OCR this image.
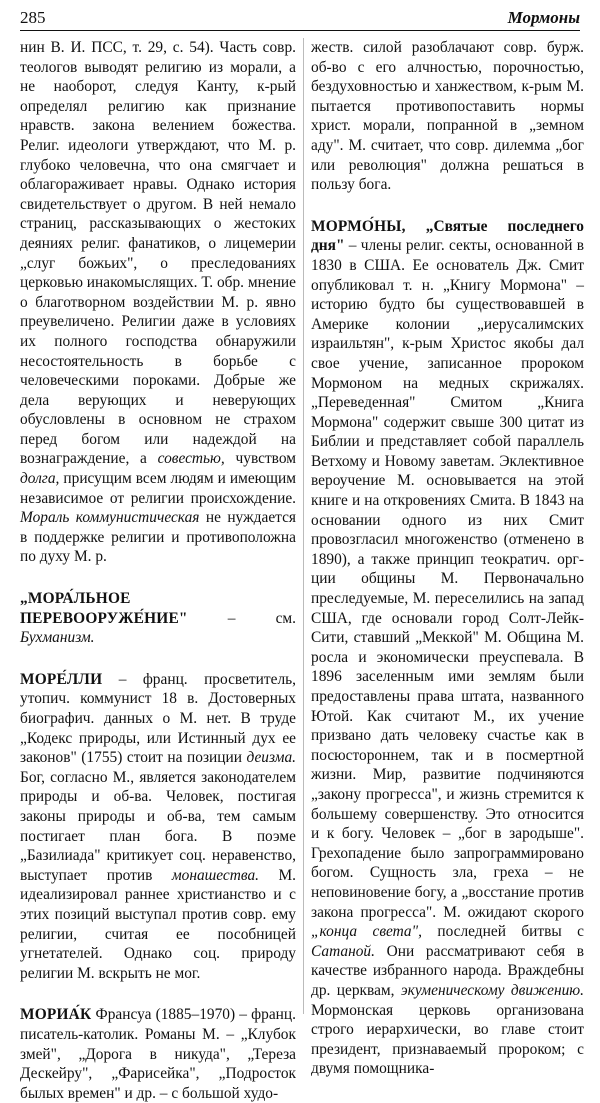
285	Мормоны

нин В. И. ПСС, т. 29, с. 54). Часть совр. теологов выводят религию из морали, а не наоборот, следуя Канту, к-рый определял религию как признание нравств. закона велением божества. Религ. идеологи утверждают, что М. р. глубоко человечна, что она смягчает и облагораживает нравы. Однако история свидетельствует о другом. В ней немало страниц, рассказывающих о жестоких деяниях религ. фанатиков, о лицемерии „слуг божьих", о преследованиях церковью инакомыслящих. Т. обр. мнение о благотворном воздействии М. р. явно преувеличено. Религии даже в условиях их полного господства обнаружили несостоятельность в борьбе с человеческими пороками. Добрые же дела верующих и неверующих обусловлены в основном не страхом перед богом или надеждой на вознаграждение, а совестью, чувством долга, присущим всем людям и имеющим независимое от религии происхождение. Мораль коммунистическая не нуждается в поддержке религии и противоположна по духу М. р.

„МОРА́ЛЬНОЕ ПЕРЕВООРУЖЕ́НИЕ" – см. Бухманизм.

МОРЕ́ЛЛИ – франц. просветитель, утопич. коммунист 18 в. Достоверных биографич. данных о М. нет. В труде „Кодекс природы, или Истинный дух ее законов" (1755) стоит на позиции деизма. Бог, согласно М., является законодателем природы и об-ва. Человек, постигая законы природы и об-ва, тем самым постигает план бога. В поэме „Базилиада" критикует соц. неравенство, выступает против монашества. М. идеализировал раннее христианство и с этих позиций выступал против совр. ему религии, считая ее пособницей угнетателей. Однако соц. природу религии М. вскрыть не мог.

МОРИА́К Франсуа (1885–1970) – франц. писатель-католик. Романы М. – „Клубок змей", „Дорога в никуда", „Тереза Дескейру", „Фарисейка", „Подросток былых времен" и др. – с большой худо-

жеств. силой разоблачают совр. бурж. об-во с его алчностью, порочностью, бездуховностью и ханжеством, к-рым М. пытается противопоставить нормы христ. морали, попранной в „земном аду". М. считает, что совр. дилемма „бог или революция" должна решаться в пользу бога.

МОРМО́НЫ, „Святые последнего дня" – члены религ. секты, основанной в 1830 в США. Ее основатель Дж. Смит опубликовал т. н. „Книгу Мормона" – историю будто бы существовавшей в Америке колонии „иерусалимских израильтян", к-рым Христос якобы дал свое учение, записанное пророком Мормоном на медных скрижалях. „Переведенная" Смитом „Книга Мормона" содержит свыше 300 цитат из Библии и представляет собой параллель Ветхому и Новому заветам. Эклективное вероучение М. основывается на этой книге и на откровениях Смита. В 1843 на основании одного из них Смит провозгласил многоженство (отменено в 1890), а также принцип теократич. орг-ции общины М. Первоначально преследуемые, М. переселились на запад США, где основали город Солт-Лейк-Сити, ставший „Меккой" М. Община М. росла и экономически преуспевала. В 1896 заселенным ими землям были предоставлены права штата, названного Ютой. Как считают М., их учение призвано дать человеку счастье как в посюстороннем, так и в посмертной жизни. Мир, развитие подчиняются „закону прогресса", и жизнь стремится к большему совершенству. Это относится и к богу. Человек – „бог в зародыше". Грехопадение было запрограммировано богом. Сущность зла, греха – не неповиновение богу, а „восстание против закона прогресса". М. ожидают скорого „конца света", последней битвы с Сатаной. Они рассматривают себя в качестве избранного народа. Враждебны др. церквам, экуменическому движению. Мормонская церковь организована строго иерархически, во главе стоит президент, признаваемый пророком; с двумя помощника-
